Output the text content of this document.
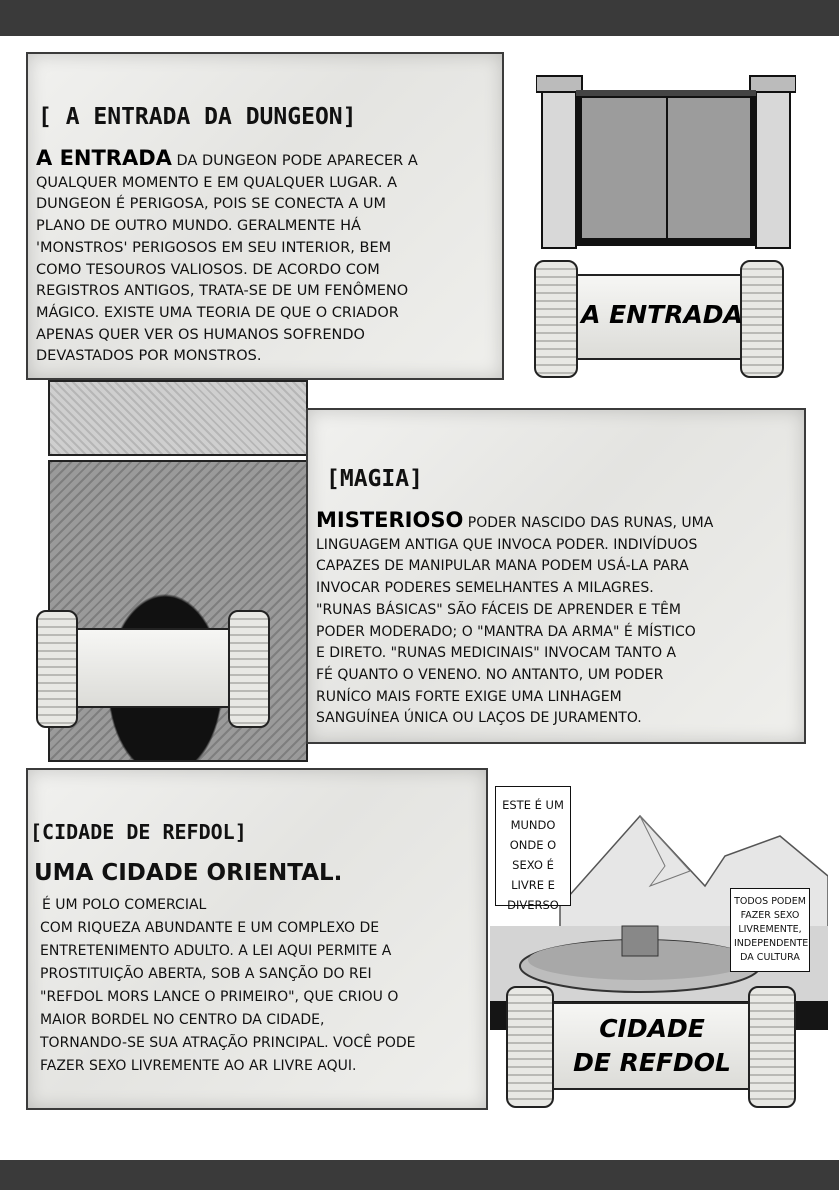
[ A ENTRADA DA DUNGEON]

A ENTRADA DA DUNGEON PODE APARECER A
QUALQUER MOMENTO E EM QUALQUER LUGAR. A
DUNGEON É PERIGOSA, POIS SE CONECTA A UM
PLANO DE OUTRO MUNDO. GERALMENTE HÁ
'MONSTROS' PERIGOSOS EM SEU INTERIOR, BEM
COMO TESOUROS VALIOSOS. DE ACORDO COM
REGISTROS ANTIGOS, TRATA-SE DE UM FENÔMENO
MÁGICO. EXISTE UMA TEORIA DE QUE O CRIADOR
APENAS QUER VER OS HUMANOS SOFRENDO
DEVASTADOS POR MONSTROS.

A ENTRADA
[MAGIA]

MISTERIOSO PODER NASCIDO DAS RUNAS, UMA
LINGUAGEM ANTIGA QUE INVOCA PODER. INDIVÍDUOS
CAPAZES DE MANIPULAR MANA PODEM USÁ-LA PARA
INVOCAR PODERES SEMELHANTES A MILAGRES.
"RUNAS BÁSICAS" SÃO FÁCEIS DE APRENDER E TÊM
PODER MODERADO; O "MANTRA DA ARMA" É MÍSTICO
E DIRETO. "RUNAS MEDICINAIS" INVOCAM TANTO A
FÉ QUANTO O VENENO. NO ANTANTO, UM PODER
RUNÍCO MAIS FORTE EXIGE UMA LINHAGEM
SANGUÍNEA ÚNICA OU LAÇOS DE JURAMENTO.

[CIDADE DE REFDOL]
UMA CIDADE ORIENTAL.

É UM POLO COMERCIAL
COM RIQUEZA ABUNDANTE E UM COMPLEXO DE
ENTRETENIMENTO ADULTO. A LEI AQUI PERMITE A
PROSTITUIÇÃO ABERTA, SOB A SANÇÃO DO REI
"REFDOL MORS LANCE O PRIMEIRO", QUE CRIOU O
MAIOR BORDEL NO CENTRO DA CIDADE,
TORNANDO-SE SUA ATRAÇÃO PRINCIPAL. VOCÊ PODE
FAZER SEXO LIVREMENTE AO AR LIVRE AQUI.

ESTE É UM MUNDO ONDE O SEXO É LIVRE E DIVERSO	TODOS PODEM FAZER SEXO LIVREMENTE, INDEPENDENTE DA CULTURA
CIDADE
DE REFDOL
